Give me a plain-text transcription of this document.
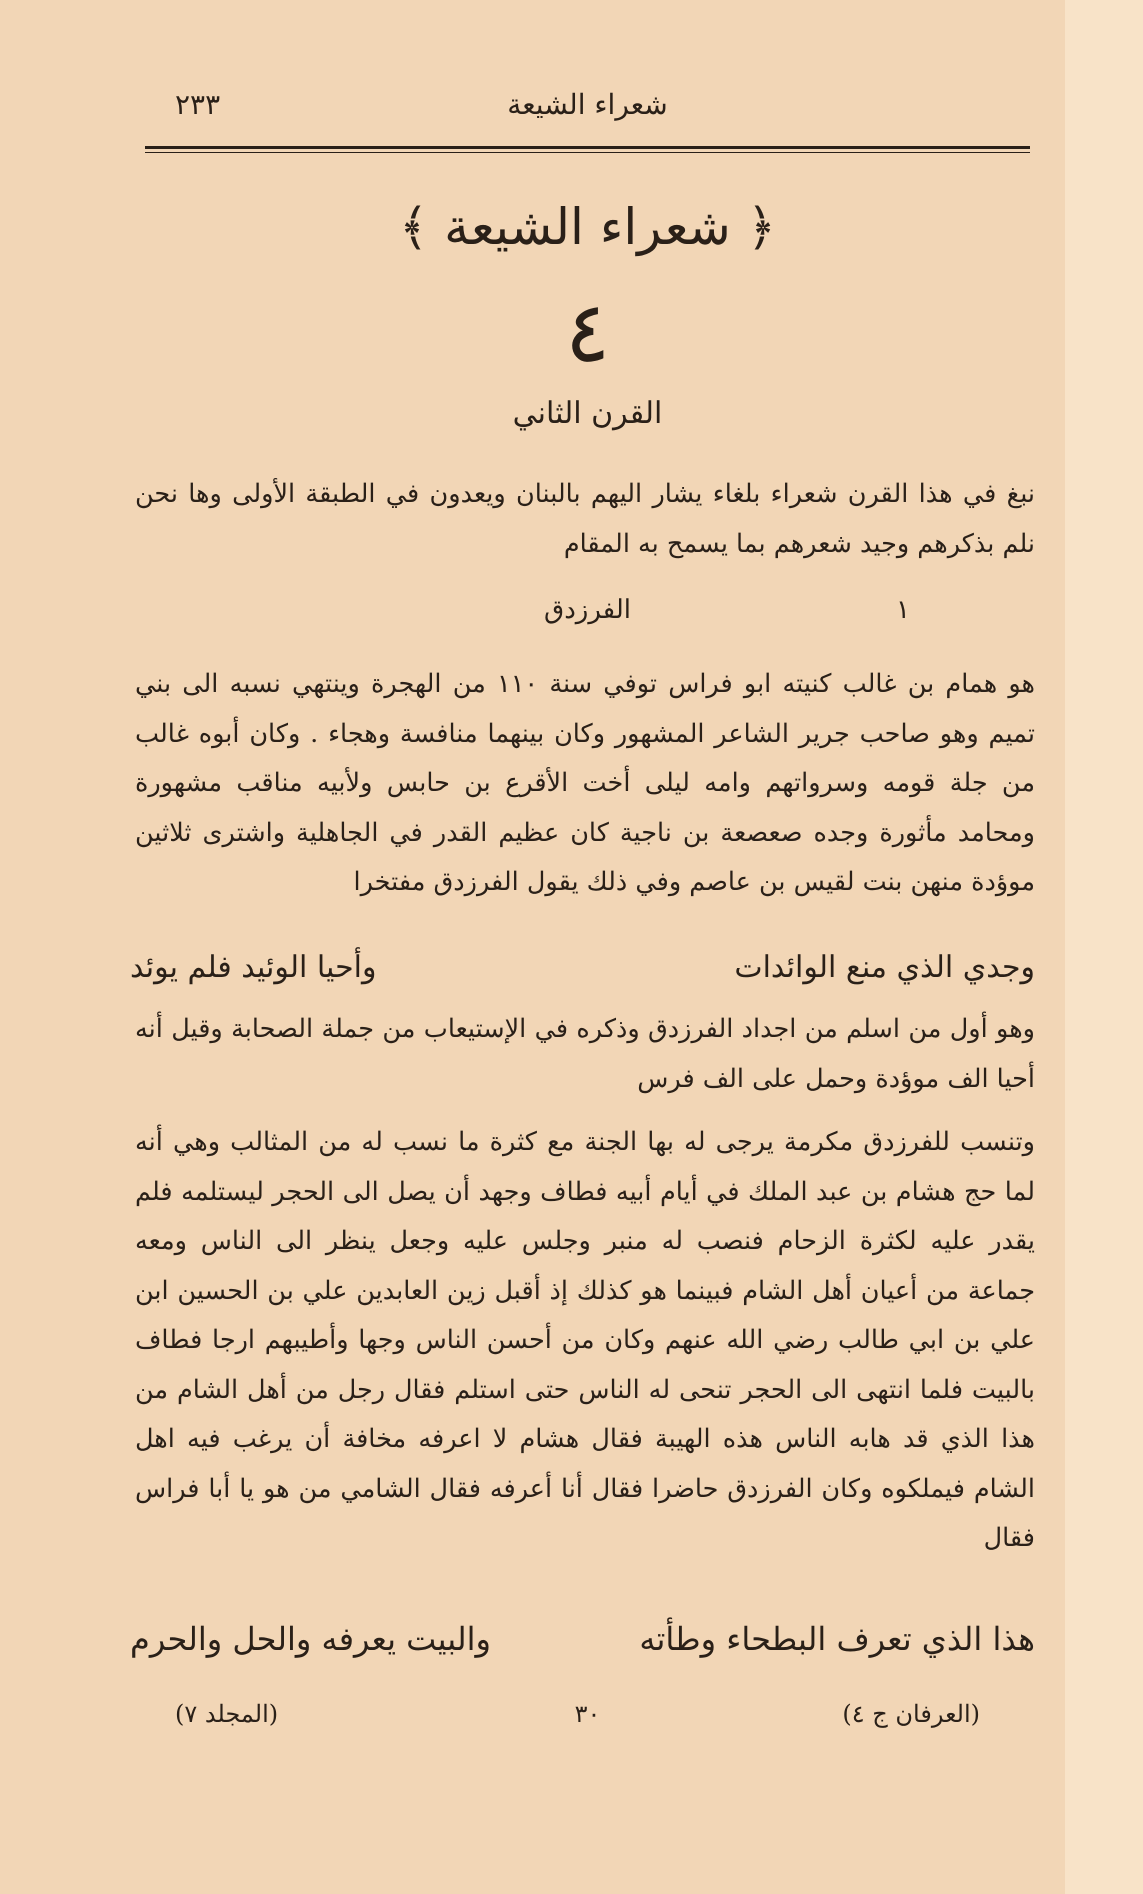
٢٣٣	شعراء الشيعة
﴿ شعراء الشيعة ﴾
٤
القرن الثاني
نبغ في هذا القرن شعراء بلغاء يشار اليهم بالبنان ويعدون في الطبقة الأولى وها نحن نلم بذكرهم وجيد شعرهم بما يسمح به المقام
١
الفرزدق
هو همام بن غالب كنيته ابو فراس توفي سنة ١١٠ من الهجرة وينتهي نسبه الى بني تميم وهو صاحب جرير الشاعر المشهور وكان بينهما منافسة وهجاء . وكان أبوه غالب من جلة قومه وسرواتهم وامه ليلى أخت الأقرع بن حابس ولأبيه مناقب مشهورة ومحامد مأثورة وجده صعصعة بن ناجية كان عظيم القدر في الجاهلية واشترى ثلاثين موؤدة منهن بنت لقيس بن عاصم وفي ذلك يقول الفرزدق مفتخرا
وجدي الذي منع الوائدات
وأحيا الوئيد فلم يوئد
وهو أول من اسلم من اجداد الفرزدق وذكره في الإستيعاب من جملة الصحابة وقيل أنه أحيا الف موؤدة وحمل على الف فرس
وتنسب للفرزدق مكرمة يرجى له بها الجنة مع كثرة ما نسب له من المثالب وهي أنه لما حج هشام بن عبد الملك في أيام أبيه فطاف وجهد أن يصل الى الحجر ليستلمه فلم يقدر عليه لكثرة الزحام فنصب له منبر وجلس عليه وجعل ينظر الى الناس ومعه جماعة من أعيان أهل الشام فبينما هو كذلك إذ أقبل زين العابدين علي بن الحسين ابن علي بن ابي طالب رضي الله عنهم وكان من أحسن الناس وجها وأطيبهم ارجا فطاف بالبيت فلما انتهى الى الحجر تنحى له الناس حتى استلم فقال رجل من أهل الشام من هذا الذي قد هابه الناس هذه الهيبة فقال هشام لا اعرفه مخافة أن يرغب فيه اهل الشام فيملكوه وكان الفرزدق حاضرا فقال أنا أعرفه فقال الشامي من هو يا أبا فراس فقال
هذا الذي تعرف البطحاء وطأته
والبيت يعرفه والحل والحرم
(العرفان ج ٤)
٣٠
(المجلد ٧)
